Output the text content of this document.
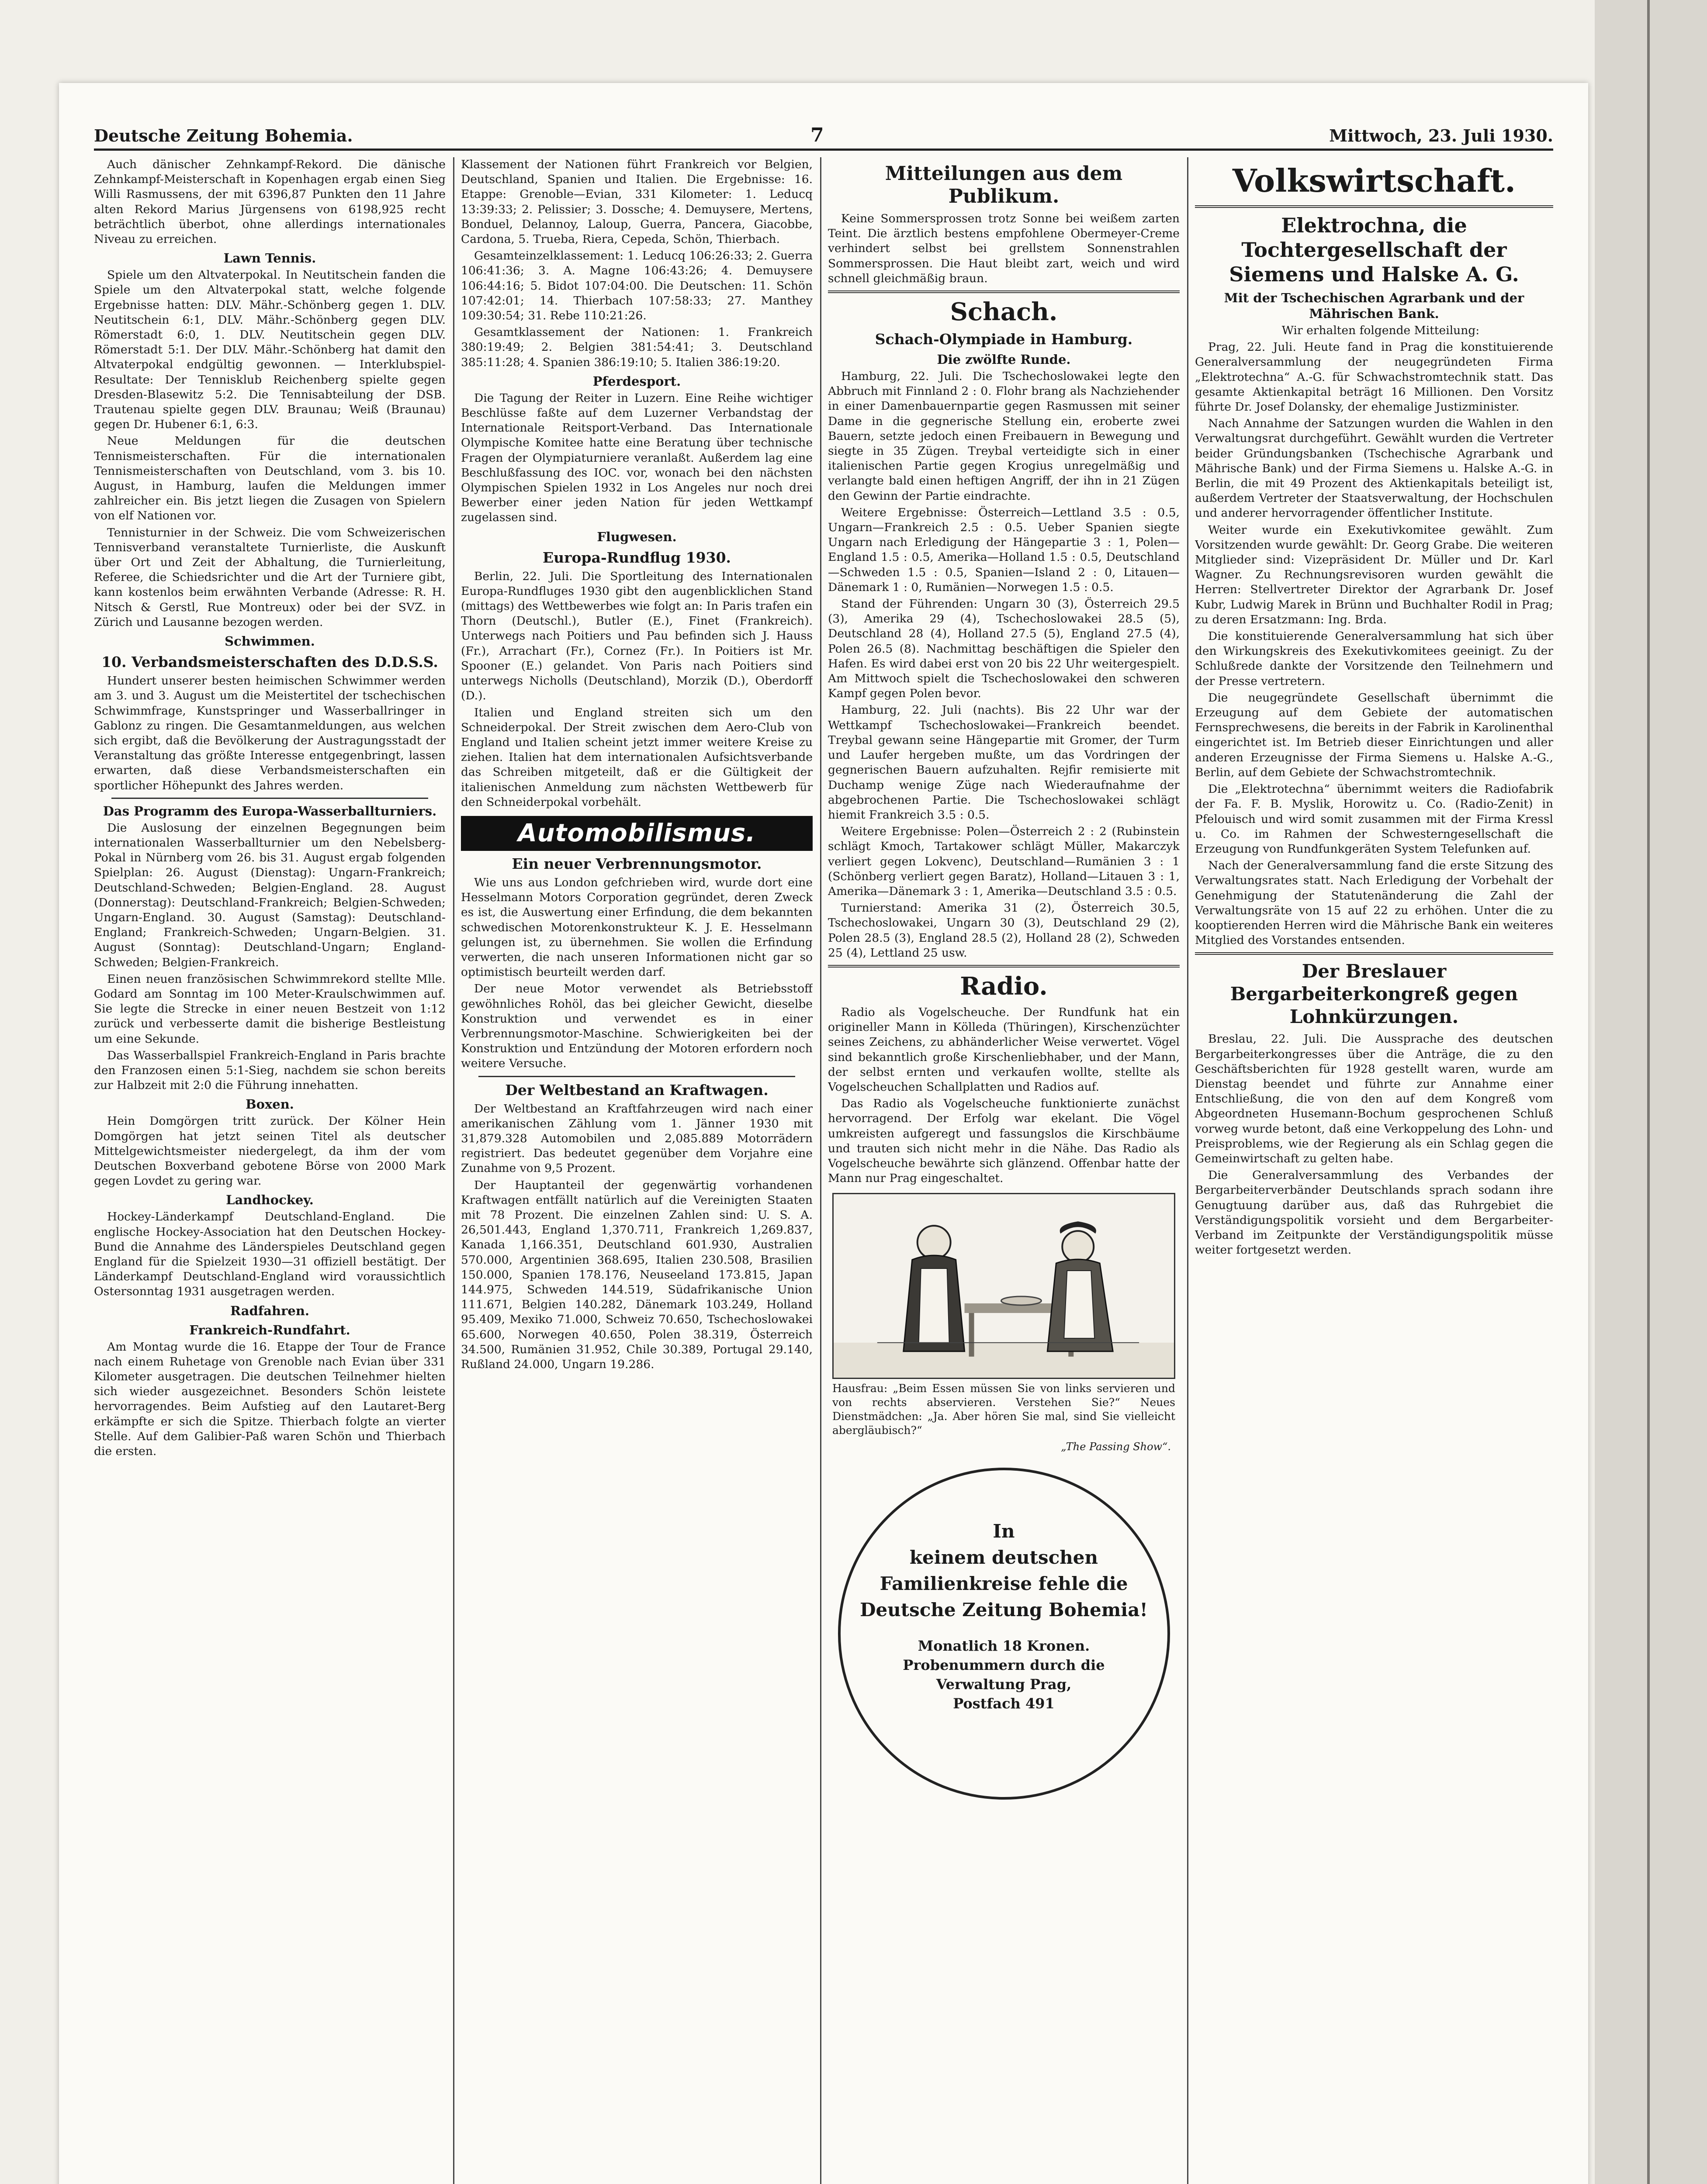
Deutsche Zeitung Bohemia.	7	Mittwoch, 23. Juli 1930.

Auch dänischer Zehnkampf-Rekord. Die dänische Zehnkampf-Meisterschaft in Kopenhagen ergab einen Sieg Willi Rasmussens, der mit 6396,87 Punkten den 11 Jahre alten Rekord Marius Jürgensens von 6198,925 recht beträchtlich überbot, ohne allerdings internationales Niveau zu erreichen.

Lawn Tennis.

Spiele um den Altvaterpokal. In Neutitschein fanden die Spiele um den Altvaterpokal statt, welche folgende Ergebnisse hatten: DLV. Mähr.-Schönberg gegen 1. DLV. Neutitschein 6:1, DLV. Mähr.-Schönberg gegen DLV. Römerstadt 6:0, 1. DLV. Neutitschein gegen DLV. Römerstadt 5:1. Der DLV. Mähr.-Schönberg hat damit den Altvaterpokal endgültig gewonnen. — Interklubspiel-Resultate: Der Tennisklub Reichenberg spielte gegen Dresden-Blasewitz 5:2. Die Tennisabteilung der DSB. Trautenau spielte gegen DLV. Braunau; Weiß (Braunau) gegen Dr. Hubener 6:1, 6:3.

Neue Meldungen für die deutschen Tennismeisterschaften. Für die internationalen Tennismeisterschaften von Deutschland, vom 3. bis 10. August, in Hamburg, laufen die Meldungen immer zahlreicher ein. Bis jetzt liegen die Zusagen von Spielern von elf Nationen vor.

Tennisturnier in der Schweiz. Die vom Schweizerischen Tennisverband veranstaltete Turnierliste, die Auskunft über Ort und Zeit der Abhaltung, die Turnierleitung, Referee, die Schiedsrichter und die Art der Turniere gibt, kann kostenlos beim erwähnten Verbande (Adresse: R. H. Nitsch & Gerstl, Rue Montreux) oder bei der SVZ. in Zürich und Lausanne bezogen werden.

Schwimmen.
10. Verbandsmeisterschaften des D.D.S.S.

Hundert unserer besten heimischen Schwimmer werden am 3. und 3. August um die Meistertitel der tschechischen Schwimmfrage, Kunstspringer und Wasserballringer in Gablonz zu ringen. Die Gesamtanmeldungen, aus welchen sich ergibt, daß die Bevölkerung der Austragungsstadt der Veranstaltung das größte Interesse entgegenbringt, lassen erwarten, daß diese Verbandsmeisterschaften ein sportlicher Höhepunkt des Jahres werden.

Das Programm des Europa-Wasserballturniers.

Die Auslosung der einzelnen Begegnungen beim internationalen Wasserballturnier um den Nebelsberg-Pokal in Nürnberg vom 26. bis 31. August ergab folgenden Spielplan: 26. August (Dienstag): Ungarn-Frankreich; Deutschland-Schweden; Belgien-England. 28. August (Donnerstag): Deutschland-Frankreich; Belgien-Schweden; Ungarn-England. 30. August (Samstag): Deutschland-England; Frankreich-Schweden; Ungarn-Belgien. 31. August (Sonntag): Deutschland-Ungarn; England-Schweden; Belgien-Frankreich.

Einen neuen französischen Schwimmrekord stellte Mlle. Godard am Sonntag im 100 Meter-Kraulschwimmen auf. Sie legte die Strecke in einer neuen Bestzeit von 1:12 zurück und verbesserte damit die bisherige Bestleistung um eine Sekunde.

Das Wasserballspiel Frankreich-England in Paris brachte den Franzosen einen 5:1-Sieg, nachdem sie schon bereits zur Halbzeit mit 2:0 die Führung innehatten.

Boxen.

Hein Domgörgen tritt zurück. Der Kölner Hein Domgörgen hat jetzt seinen Titel als deutscher Mittelgewichtsmeister niedergelegt, da ihm der vom Deutschen Boxverband gebotene Börse von 2000 Mark gegen Lovdet zu gering war.

Landhockey.

Hockey-Länderkampf Deutschland-England. Die englische Hockey-Association hat den Deutschen Hockey-Bund die Annahme des Länderspieles Deutschland gegen England für die Spielzeit 1930—31 offiziell bestätigt. Der Länderkampf Deutschland-England wird voraussichtlich Ostersonntag 1931 ausgetragen werden.

Radfahren.
Frankreich-Rundfahrt.

Am Montag wurde die 16. Etappe der Tour de France nach einem Ruhetage von Grenoble nach Evian über 331 Kilometer ausgetragen. Die deutschen Teilnehmer hielten sich wieder ausgezeichnet. Besonders Schön leistete hervorragendes. Beim Aufstieg auf den Lautaret-Berg erkämpfte er sich die Spitze. Thierbach folgte an vierter Stelle. Auf dem Galibier-Paß waren Schön und Thierbach die ersten.

Klassement der Nationen führt Frankreich vor Belgien, Deutschland, Spanien und Italien. Die Ergebnisse: 16. Etappe: Grenoble—Evian, 331 Kilometer: 1. Leducq 13:39:33; 2. Pelissier; 3. Dossche; 4. Demuysere, Mertens, Bonduel, Delannoy, Laloup, Guerra, Pancera, Giacobbe, Cardona, 5. Trueba, Riera, Cepeda, Schön, Thierbach.

Gesamteinzelklassement: 1. Leducq 106:26:33; 2. Guerra 106:41:36; 3. A. Magne 106:43:26; 4. Demuysere 106:44:16; 5. Bidot 107:04:00. Die Deutschen: 11. Schön 107:42:01; 14. Thierbach 107:58:33; 27. Manthey 109:30:54; 31. Rebe 110:21:26.

Gesamtklassement der Nationen: 1. Frankreich 380:19:49; 2. Belgien 381:54:41; 3. Deutschland 385:11:28; 4. Spanien 386:19:10; 5. Italien 386:19:20.

Pferdesport.

Die Tagung der Reiter in Luzern. Eine Reihe wichtiger Beschlüsse faßte auf dem Luzerner Verbandstag der Internationale Reitsport-Verband. Das Internationale Olympische Komitee hatte eine Beratung über technische Fragen der Olympiaturniere veranlaßt. Außerdem lag eine Beschlußfassung des IOC. vor, wonach bei den nächsten Olympischen Spielen 1932 in Los Angeles nur noch drei Bewerber einer jeden Nation für jeden Wettkampf zugelassen sind.

Flugwesen.
Europa-Rundflug 1930.

Berlin, 22. Juli. Die Sportleitung des Internationalen Europa-Rundfluges 1930 gibt den augenblicklichen Stand (mittags) des Wettbewerbes wie folgt an: In Paris trafen ein Thorn (Deutschl.), Butler (E.), Finet (Frankreich). Unterwegs nach Poitiers und Pau befinden sich J. Hauss (Fr.), Arrachart (Fr.), Cornez (Fr.). In Poitiers ist Mr. Spooner (E.) gelandet. Von Paris nach Poitiers sind unterwegs Nicholls (Deutschland), Morzik (D.), Oberdorff (D.).

Italien und England streiten sich um den Schneiderpokal. Der Streit zwischen dem Aero-Club von England und Italien scheint jetzt immer weitere Kreise zu ziehen. Italien hat dem internationalen Aufsichtsverbande das Schreiben mitgeteilt, daß er die Gültigkeit der italienischen Anmeldung zum nächsten Wettbewerb für den Schneiderpokal vorbehält.

Automobilismus.
Ein neuer Verbrennungsmotor.

Wie uns aus London gefchrieben wird, wurde dort eine Hesselmann Motors Corporation gegründet, deren Zweck es ist, die Auswertung einer Erfindung, die dem bekannten schwedischen Motorenkonstrukteur K. J. E. Hesselmann gelungen ist, zu übernehmen. Sie wollen die Erfindung verwerten, die nach unseren Informationen nicht gar so optimistisch beurteilt werden darf.

Der neue Motor verwendet als Betriebsstoff gewöhnliches Rohöl, das bei gleicher Gewicht, dieselbe Konstruktion und verwendet es in einer Verbrennungsmotor-Maschine. Schwierigkeiten bei der Konstruktion und Entzündung der Motoren erfordern noch weitere Versuche.

Der Weltbestand an Kraftwagen.

Der Weltbestand an Kraftfahrzeugen wird nach einer amerikanischen Zählung vom 1. Jänner 1930 mit 31,879.328 Automobilen und 2,085.889 Motorrädern registriert. Das bedeutet gegenüber dem Vorjahre eine Zunahme von 9,5 Prozent.

Der Hauptanteil der gegenwärtig vorhandenen Kraftwagen entfällt natürlich auf die Vereinigten Staaten mit 78 Prozent. Die einzelnen Zahlen sind: U. S. A. 26,501.443, England 1,370.711, Frankreich 1,269.837, Kanada 1,166.351, Deutschland 601.930, Australien 570.000, Argentinien 368.695, Italien 230.508, Brasilien 150.000, Spanien 178.176, Neuseeland 173.815, Japan 144.975, Schweden 144.519, Südafrikanische Union 111.671, Belgien 140.282, Dänemark 103.249, Holland 95.409, Mexiko 71.000, Schweiz 70.650, Tschechoslowakei 65.600, Norwegen 40.650, Polen 38.319, Österreich 34.500, Rumänien 31.952, Chile 30.389, Portugal 29.140, Rußland 24.000, Ungarn 19.286.

Mitteilungen aus dem Publikum.

Keine Sommersprossen trotz Sonne bei weißem zarten Teint. Die ärztlich bestens empfohlene Obermeyer-Creme verhindert selbst bei grellstem Sonnenstrahlen Sommersprossen. Die Haut bleibt zart, weich und wird schnell gleichmäßig braun.

Schach.
Schach-Olympiade in Hamburg.
Die zwölfte Runde.

Hamburg, 22. Juli. Die Tschechoslowakei legte den Abbruch mit Finnland 2 : 0. Flohr brang als Nachziehender in einer Damenbauernpartie gegen Rasmussen mit seiner Dame in die gegnerische Stellung ein, eroberte zwei Bauern, setzte jedoch einen Freibauern in Bewegung und siegte in 35 Zügen. Treybal verteidigte sich in einer italienischen Partie gegen Krogius unregelmäßig und verlangte bald einen heftigen Angriff, der ihn in 21 Zügen den Gewinn der Partie eindrachte.

Weitere Ergebnisse: Österreich—Lettland 3.5 : 0.5, Ungarn—Frankreich 2.5 : 0.5. Ueber Spanien siegte Ungarn nach Erledigung der Hängepartie 3 : 1, Polen—England 1.5 : 0.5, Amerika—Holland 1.5 : 0.5, Deutschland—Schweden 1.5 : 0.5, Spanien—Island 2 : 0, Litauen—Dänemark 1 : 0, Rumänien—Norwegen 1.5 : 0.5.

Stand der Führenden: Ungarn 30 (3), Österreich 29.5 (3), Amerika 29 (4), Tschechoslowakei 28.5 (5), Deutschland 28 (4), Holland 27.5 (5), England 27.5 (4), Polen 26.5 (8). Nachmittag beschäftigen die Spieler den Hafen. Es wird dabei erst von 20 bis 22 Uhr weitergespielt. Am Mittwoch spielt die Tschechoslowakei den schweren Kampf gegen Polen bevor.

Hamburg, 22. Juli (nachts). Bis 22 Uhr war der Wettkampf Tschechoslowakei—Frankreich beendet. Treybal gewann seine Hängepartie mit Gromer, der Turm und Laufer hergeben mußte, um das Vordringen der gegnerischen Bauern aufzuhalten. Rejfir remisierte mit Duchamp wenige Züge nach Wiederaufnahme der abgebrochenen Partie. Die Tschechoslowakei schlägt hiemit Frankreich 3.5 : 0.5.

Weitere Ergebnisse: Polen—Österreich 2 : 2 (Rubinstein schlägt Kmoch, Tartakower schlägt Müller, Makarczyk verliert gegen Lokvenc), Deutschland—Rumänien 3 : 1 (Schönberg verliert gegen Baratz), Holland—Litauen 3 : 1, Amerika—Dänemark 3 : 1, Amerika—Deutschland 3.5 : 0.5.

Turnierstand: Amerika 31 (2), Österreich 30.5, Tschechoslowakei, Ungarn 30 (3), Deutschland 29 (2), Polen 28.5 (3), England 28.5 (2), Holland 28 (2), Schweden 25 (4), Lettland 25 usw.

Radio.

Radio als Vogelscheuche. Der Rundfunk hat ein origineller Mann in Kölleda (Thüringen), Kirschenzüchter seines Zeichens, zu abhänderlicher Weise verwertet. Vögel sind bekanntlich große Kirschenliebhaber, und der Mann, der selbst ernten und verkaufen wollte, stellte als Vogelscheuchen Schallplatten und Radios auf.

Das Radio als Vogelscheuche funktionierte zunächst hervorragend. Der Erfolg war ekelant. Die Vögel umkreisten aufgeregt und fassungslos die Kirschbäume und trauten sich nicht mehr in die Nähe. Das Radio als Vogelscheuche bewährte sich glänzend. Offenbar hatte der Mann nur Prag eingeschaltet.

Hausfrau: „Beim Essen müssen Sie von links servieren und von rechts abservieren. Verstehen Sie?“ Neues Dienstmädchen: „Ja. Aber hören Sie mal, sind Sie vielleicht abergläubisch?“
„The Passing Show“.
In
keinem deutschen
Familienkreise fehle die
Deutsche Zeitung Bohemia!
Monatlich 18 Kronen.
Probenummern durch die
Verwaltung Prag,
Postfach 491
Volkswirtschaft.
Elektrochna, die Tochtergesellschaft der Siemens und Halske A. G.
Mit der Tschechischen Agrarbank und der Mährischen Bank.

Wir erhalten folgende Mitteilung:

Prag, 22. Juli. Heute fand in Prag die konstituierende Generalversammlung der neugegründeten Firma „Elektrotechna“ A.-G. für Schwachstromtechnik statt. Das gesamte Aktienkapital beträgt 16 Millionen. Den Vorsitz führte Dr. Josef Dolansky, der ehemalige Justizminister.

Nach Annahme der Satzungen wurden die Wahlen in den Verwaltungsrat durchgeführt. Gewählt wurden die Vertreter beider Gründungsbanken (Tschechische Agrarbank und Mährische Bank) und der Firma Siemens u. Halske A.-G. in Berlin, die mit 49 Prozent des Aktienkapitals beteiligt ist, außerdem Vertreter der Staatsverwaltung, der Hochschulen und anderer hervorragender öffentlicher Institute.

Weiter wurde ein Exekutivkomitee gewählt. Zum Vorsitzenden wurde gewählt: Dr. Georg Grabe. Die weiteren Mitglieder sind: Vizepräsident Dr. Müller und Dr. Karl Wagner. Zu Rechnungsrevisoren wurden gewählt die Herren: Stellvertreter Direktor der Agrarbank Dr. Josef Kubr, Ludwig Marek in Brünn und Buchhalter Rodil in Prag; zu deren Ersatzmann: Ing. Brda.

Die konstituierende Generalversammlung hat sich über den Wirkungskreis des Exekutivkomitees geeinigt. Zu der Schlußrede dankte der Vorsitzende den Teilnehmern und der Presse vertretern.

Die neugegründete Gesellschaft übernimmt die Erzeugung auf dem Gebiete der automatischen Fernsprechwesens, die bereits in der Fabrik in Karolinenthal eingerichtet ist. Im Betrieb dieser Einrichtungen und aller anderen Erzeugnisse der Firma Siemens u. Halske A.-G., Berlin, auf dem Gebiete der Schwachstromtechnik.

Die „Elektrotechna“ übernimmt weiters die Radiofabrik der Fa. F. B. Myslik, Horowitz u. Co. (Radio-Zenit) in Pfelouisch und wird somit zusammen mit der Firma Kressl u. Co. im Rahmen der Schwesterngesellschaft die Erzeugung von Rundfunkgeräten System Telefunken auf.

Nach der Generalversammlung fand die erste Sitzung des Verwaltungsrates statt. Nach Erledigung der Vorbehalt der Genehmigung der Statutenänderung die Zahl der Verwaltungsräte von 15 auf 22 zu erhöhen. Unter die zu kooptierenden Herren wird die Mährische Bank ein weiteres Mitglied des Vorstandes entsenden.

Der Breslauer Bergarbeiterkongreß gegen Lohnkürzungen.

Breslau, 22. Juli. Die Aussprache des deutschen Bergarbeiterkongresses über die Anträge, die zu den Geschäftsberichten für 1928 gestellt waren, wurde am Dienstag beendet und führte zur Annahme einer Entschließung, die von den auf dem Kongreß vom Abgeordneten Husemann-Bochum gesprochenen Schluß vorweg wurde betont, daß eine Verkoppelung des Lohn- und Preisproblems, wie der Regierung als ein Schlag gegen die Gemeinwirtschaft zu gelten habe.

Die Generalversammlung des Verbandes der Bergarbeiterverbänder Deutschlands sprach sodann ihre Genugtuung darüber aus, daß das Ruhrgebiet die Verständigungspolitik vorsieht und dem Bergarbeiter-Verband im Zeitpunkte der Verständigungspolitik müsse weiter fortgesetzt werden.
